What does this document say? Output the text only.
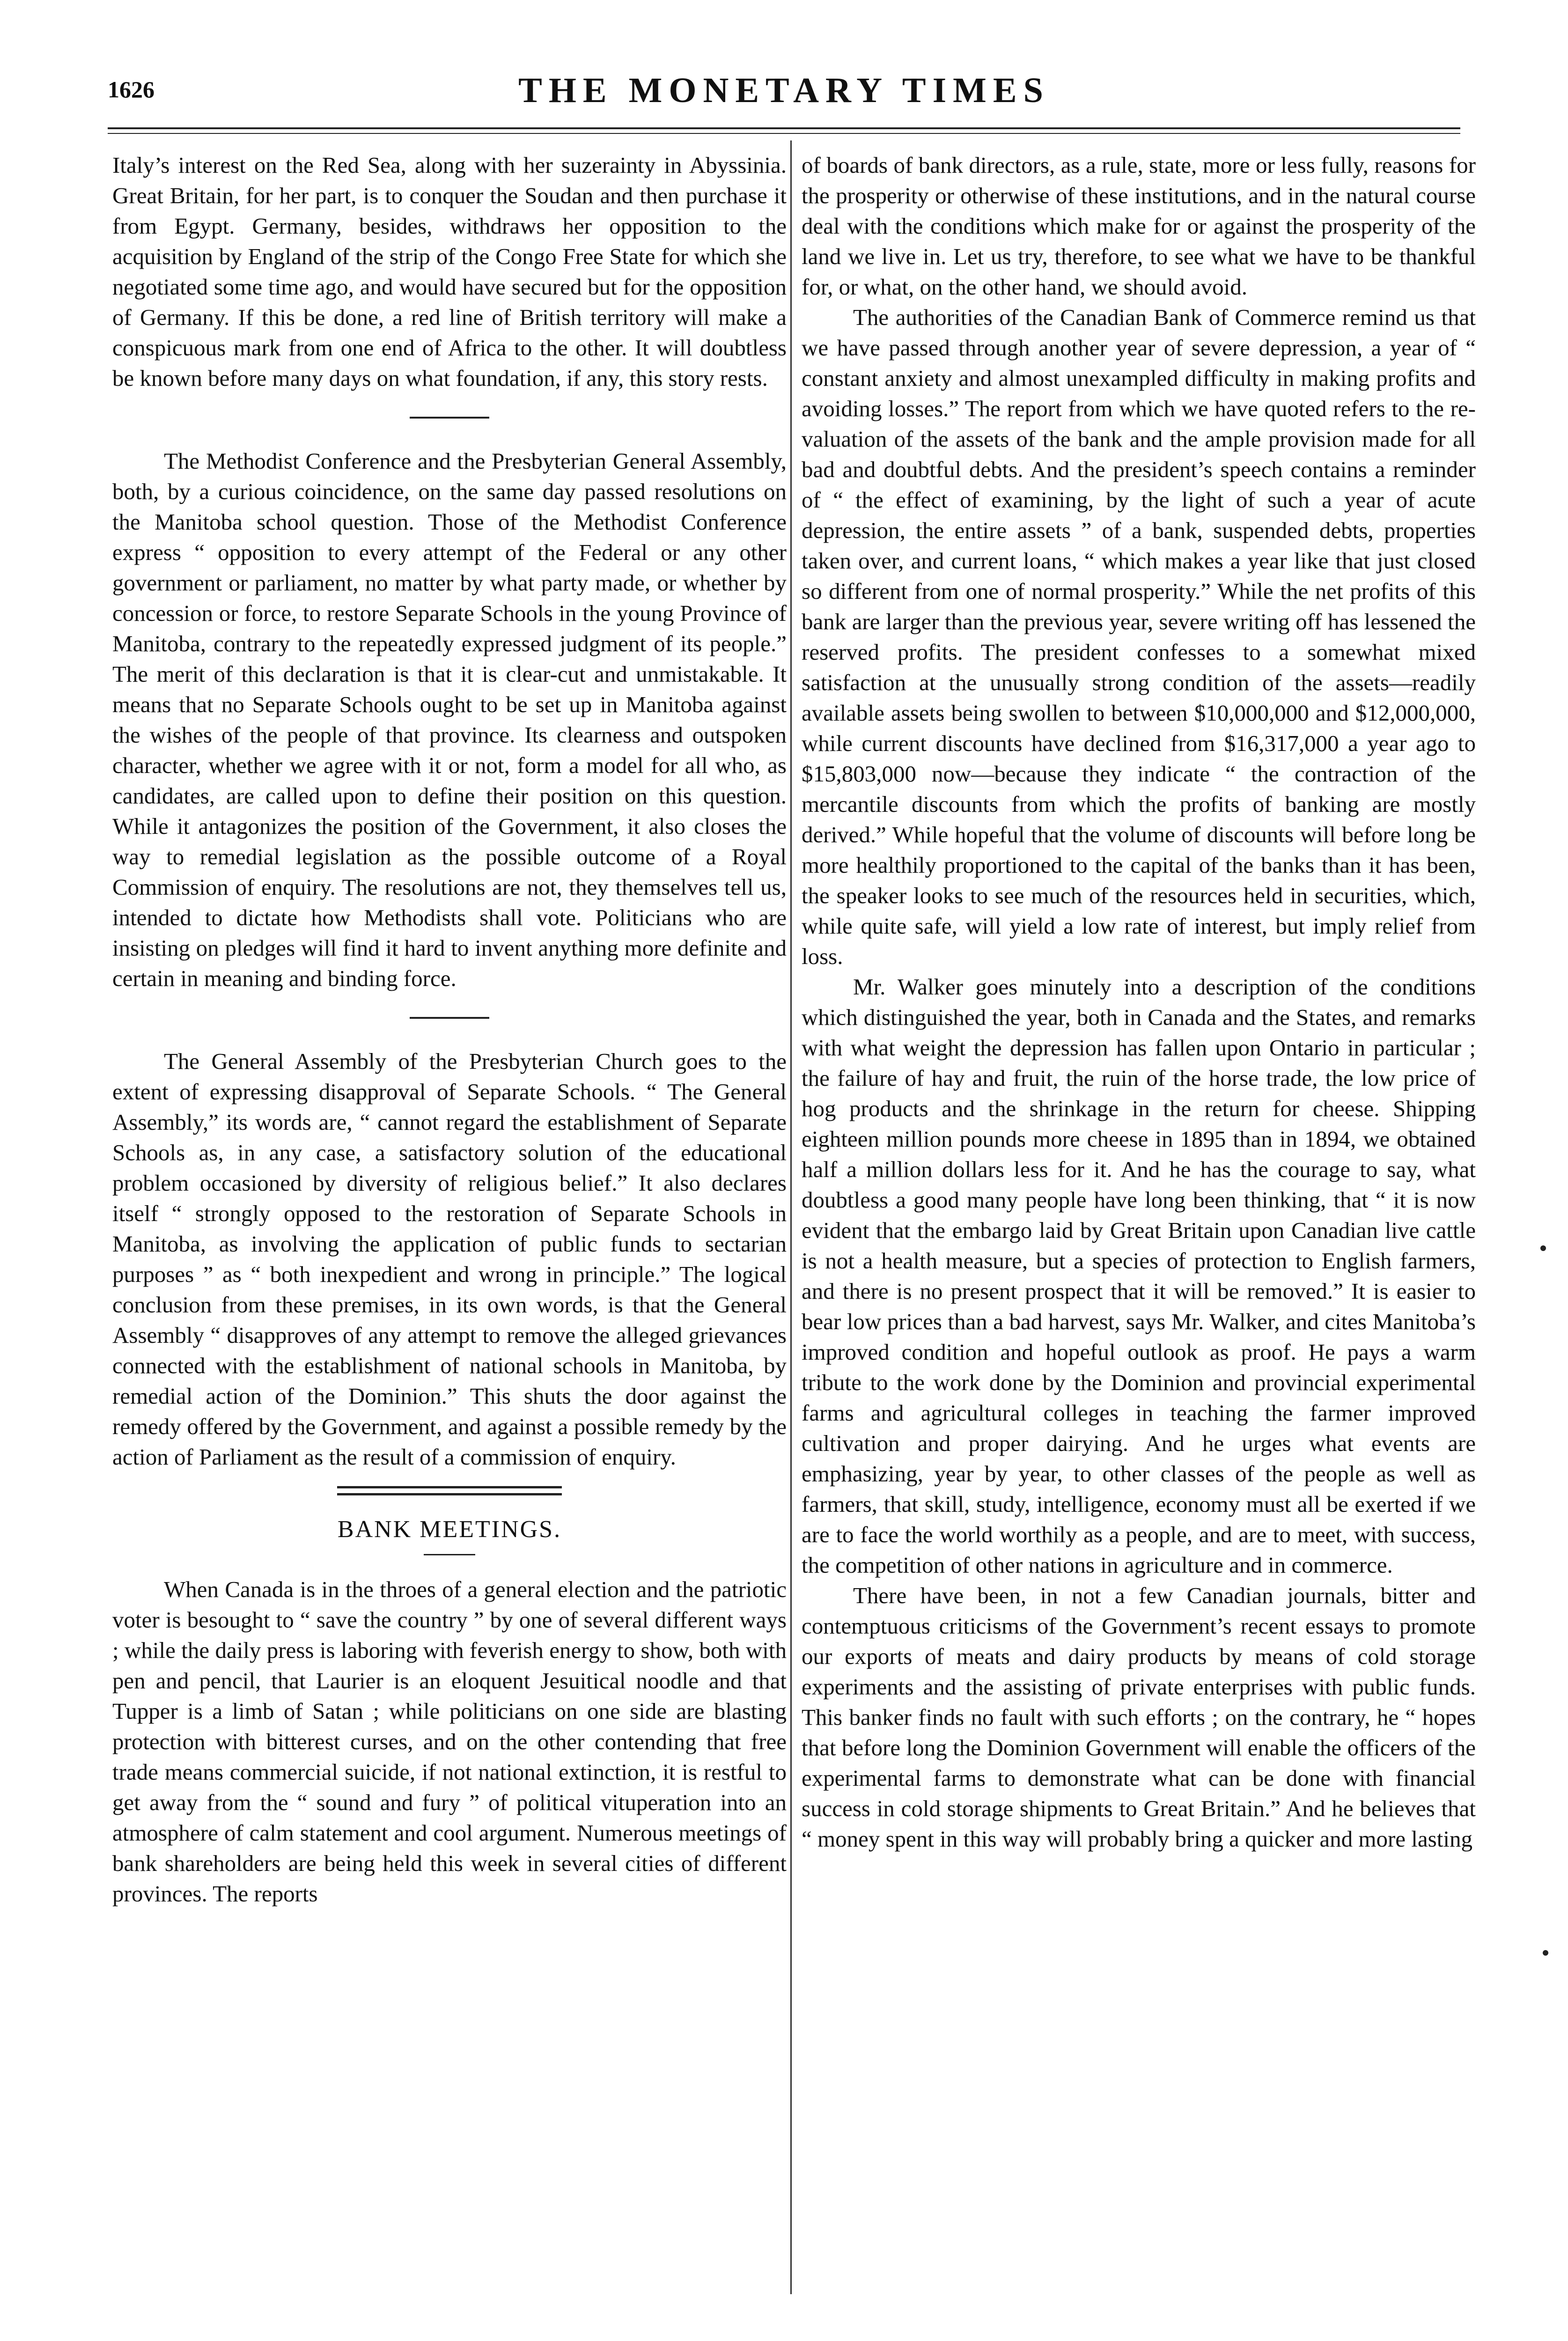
1626	THE MONETARY TIMES

Italy’s interest on the Red Sea, along with her suzerainty in Abyssinia. Great Britain, for her part, is to conquer the Soudan and then purchase it from Egypt. Germany, besides, withdraws her opposition to the acquisition by England of the strip of the Congo Free State for which she negotiated some time ago, and would have secured but for the opposition of Germany. If this be done, a red line of British territory will make a conspicuous mark from one end of Africa to the other. It will doubtless be known before many days on what foundation, if any, this story rests.

The Methodist Conference and the Presbyterian General Assembly, both, by a curious coincidence, on the same day passed resolutions on the Manitoba school question. Those of the Methodist Conference express “ opposition to every attempt of the Federal or any other government or parliament, no matter by what party made, or whether by concession or force, to restore Separate Schools in the young Province of Manitoba, contrary to the repeatedly expressed judgment of its people.” The merit of this declaration is that it is clear-cut and unmistakable. It means that no Separate Schools ought to be set up in Manitoba against the wishes of the people of that province. Its clearness and outspoken character, whether we agree with it or not, form a model for all who, as candidates, are called upon to define their position on this question. While it antagonizes the position of the Government, it also closes the way to remedial legislation as the possible outcome of a Royal Commission of enquiry. The resolutions are not, they themselves tell us, intended to dictate how Methodists shall vote. Politicians who are insisting on pledges will find it hard to invent anything more definite and certain in meaning and binding force.

The General Assembly of the Presbyterian Church goes to the extent of expressing disapproval of Separate Schools. “ The General Assembly,” its words are, “ cannot regard the establishment of Separate Schools as, in any case, a satisfactory solution of the educational problem occasioned by diversity of religious belief.” It also declares itself “ strongly opposed to the restoration of Separate Schools in Manitoba, as involving the application of public funds to sectarian purposes ” as “ both inexpedient and wrong in principle.” The logical conclusion from these premises, in its own words, is that the General Assembly “ disapproves of any attempt to remove the alleged grievances connected with the establishment of national schools in Manitoba, by remedial action of the Dominion.” This shuts the door against the remedy offered by the Government, and against a possible remedy by the action of Parliament as the result of a commission of enquiry.

BANK MEETINGS.

When Canada is in the throes of a general election and the patriotic voter is besought to “ save the country ” by one of several different ways ; while the daily press is laboring with feverish energy to show, both with pen and pencil, that Laurier is an eloquent Jesuitical noodle and that Tupper is a limb of Satan ; while politicians on one side are blasting protection with bitterest curses, and on the other contending that free trade means commercial suicide, if not national extinction, it is restful to get away from the “ sound and fury ” of political vituperation into an atmosphere of calm statement and cool argument. Numerous meetings of bank shareholders are being held this week in several cities of different provinces. The reports

of boards of bank directors, as a rule, state, more or less fully, reasons for the prosperity or otherwise of these institutions, and in the natural course deal with the conditions which make for or against the prosperity of the land we live in. Let us try, therefore, to see what we have to be thankful for, or what, on the other hand, we should avoid.

The authorities of the Canadian Bank of Commerce remind us that we have passed through another year of severe depression, a year of “ constant anxiety and almost unexampled difficulty in making profits and avoiding losses.” The report from which we have quoted refers to the re-valuation of the assets of the bank and the ample provision made for all bad and doubtful debts. And the president’s speech contains a reminder of “ the effect of examining, by the light of such a year of acute depression, the entire assets ” of a bank, suspended debts, properties taken over, and current loans, “ which makes a year like that just closed so different from one of normal prosperity.” While the net profits of this bank are larger than the previous year, severe writing off has lessened the reserved profits. The president confesses to a somewhat mixed satisfaction at the unusually strong condition of the assets—readily available assets being swollen to between $10,000,000 and $12,000,000, while current discounts have declined from $16,317,000 a year ago to $15,803,000 now—because they indicate “ the contraction of the mercantile discounts from which the profits of banking are mostly derived.” While hopeful that the volume of discounts will before long be more healthily proportioned to the capital of the banks than it has been, the speaker looks to see much of the resources held in securities, which, while quite safe, will yield a low rate of interest, but imply relief from loss.

Mr. Walker goes minutely into a description of the conditions which distinguished the year, both in Canada and the States, and remarks with what weight the depression has fallen upon Ontario in particular ; the failure of hay and fruit, the ruin of the horse trade, the low price of hog products and the shrinkage in the return for cheese. Shipping eighteen million pounds more cheese in 1895 than in 1894, we obtained half a million dollars less for it. And he has the courage to say, what doubtless a good many people have long been thinking, that “ it is now evident that the embargo laid by Great Britain upon Canadian live cattle is not a health measure, but a species of protection to English farmers, and there is no present prospect that it will be removed.” It is easier to bear low prices than a bad harvest, says Mr. Walker, and cites Manitoba’s improved condition and hopeful outlook as proof. He pays a warm tribute to the work done by the Dominion and provincial experimental farms and agricultural colleges in teaching the farmer improved cultivation and proper dairying. And he urges what events are emphasizing, year by year, to other classes of the people as well as farmers, that skill, study, intelligence, economy must all be exerted if we are to face the world worthily as a people, and are to meet, with success, the competition of other nations in agriculture and in commerce.

There have been, in not a few Canadian journals, bitter and contemptuous criticisms of the Government’s recent essays to promote our exports of meats and dairy products by means of cold storage experiments and the assisting of private enterprises with public funds. This banker finds no fault with such efforts ; on the contrary, he “ hopes that before long the Dominion Government will enable the officers of the experimental farms to demonstrate what can be done with financial success in cold storage shipments to Great Britain.” And he believes that “ money spent in this way will probably bring a quicker and more lasting
